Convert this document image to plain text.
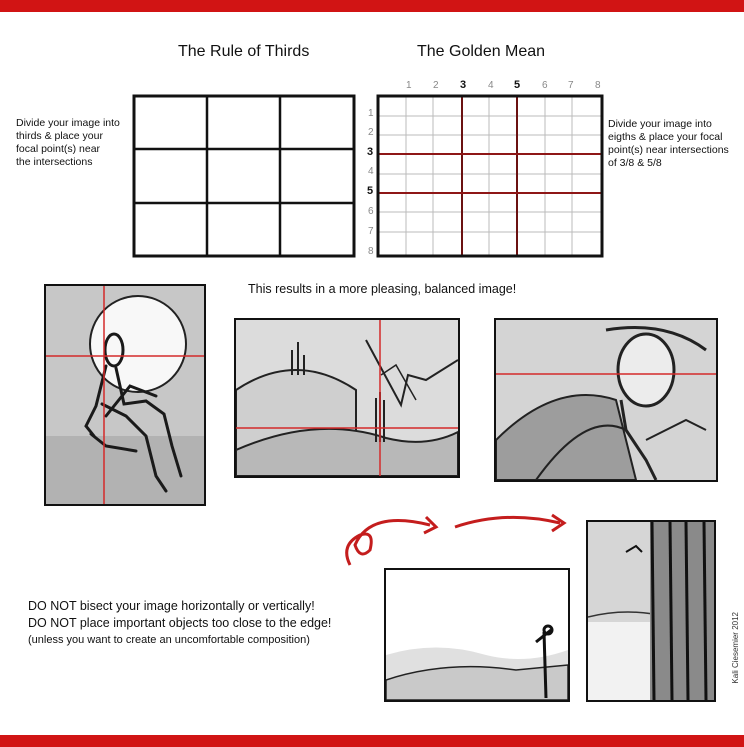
The Rule of Thirds	The Golden Mean
Divide your image into
thirds & place your
focal point(s) near
the intersections
1 2 3 4 5 6 7 8
1
2
3
4
5
6
7
8
Divide your image into
eigths & place your focal
point(s) near intersections
of 3/8 & 5/8
This results in a more pleasing, balanced image!
DO NOT bisect your image horizontally or vertically!
DO NOT place important objects too close to the edge!
(unless you want to create an uncomfortable composition)	Kali Ciesemier 2012
